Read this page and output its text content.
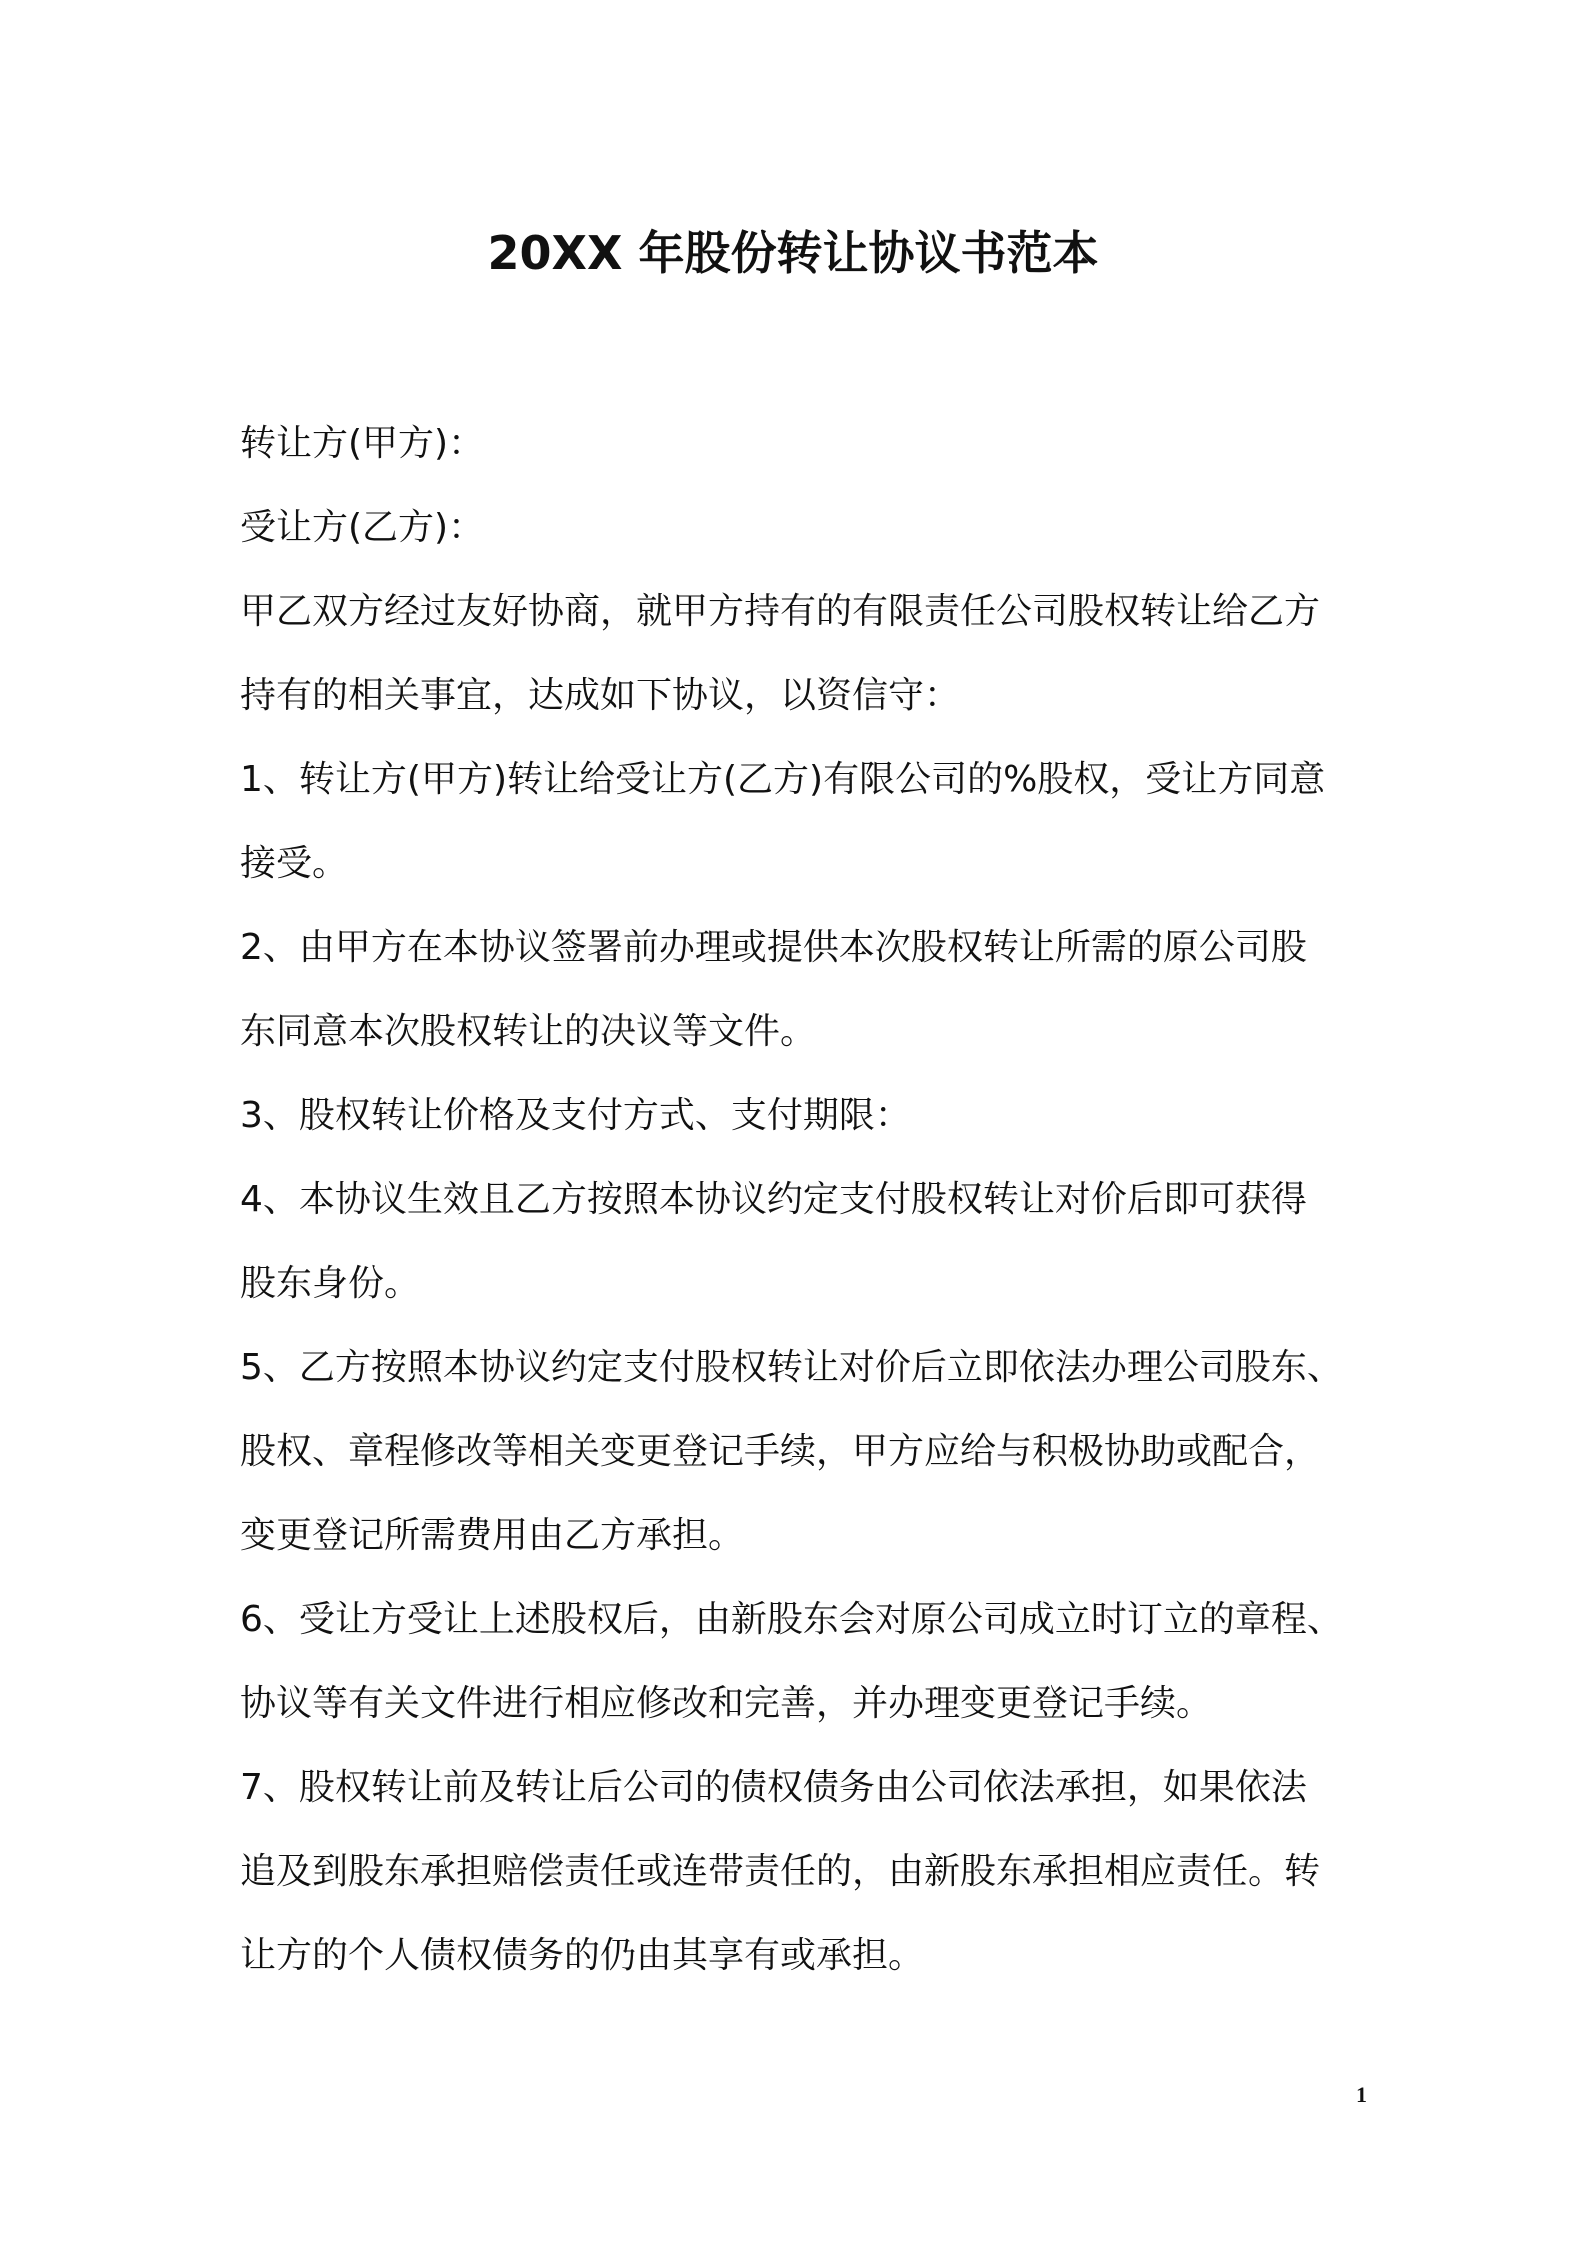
20XX 年股份转让协议书范本
转让方(甲方)：
受让方(乙方)：
甲乙双方经过友好协商，就甲方持有的有限责任公司股权转让给乙方
持有的相关事宜，达成如下协议，以资信守：
1、转让方(甲方)转让给受让方(乙方)有限公司的%股权，受让方同意
接受。
2、由甲方在本协议签署前办理或提供本次股权转让所需的原公司股
东同意本次股权转让的决议等文件。
3、股权转让价格及支付方式、支付期限：
4、本协议生效且乙方按照本协议约定支付股权转让对价后即可获得
股东身份。
5、乙方按照本协议约定支付股权转让对价后立即依法办理公司股东、
股权、章程修改等相关变更登记手续，甲方应给与积极协助或配合，
变更登记所需费用由乙方承担。
6、受让方受让上述股权后，由新股东会对原公司成立时订立的章程、
协议等有关文件进行相应修改和完善，并办理变更登记手续。
7、股权转让前及转让后公司的债权债务由公司依法承担，如果依法
追及到股东承担赔偿责任或连带责任的，由新股东承担相应责任。转
让方的个人债权债务的仍由其享有或承担。
1
